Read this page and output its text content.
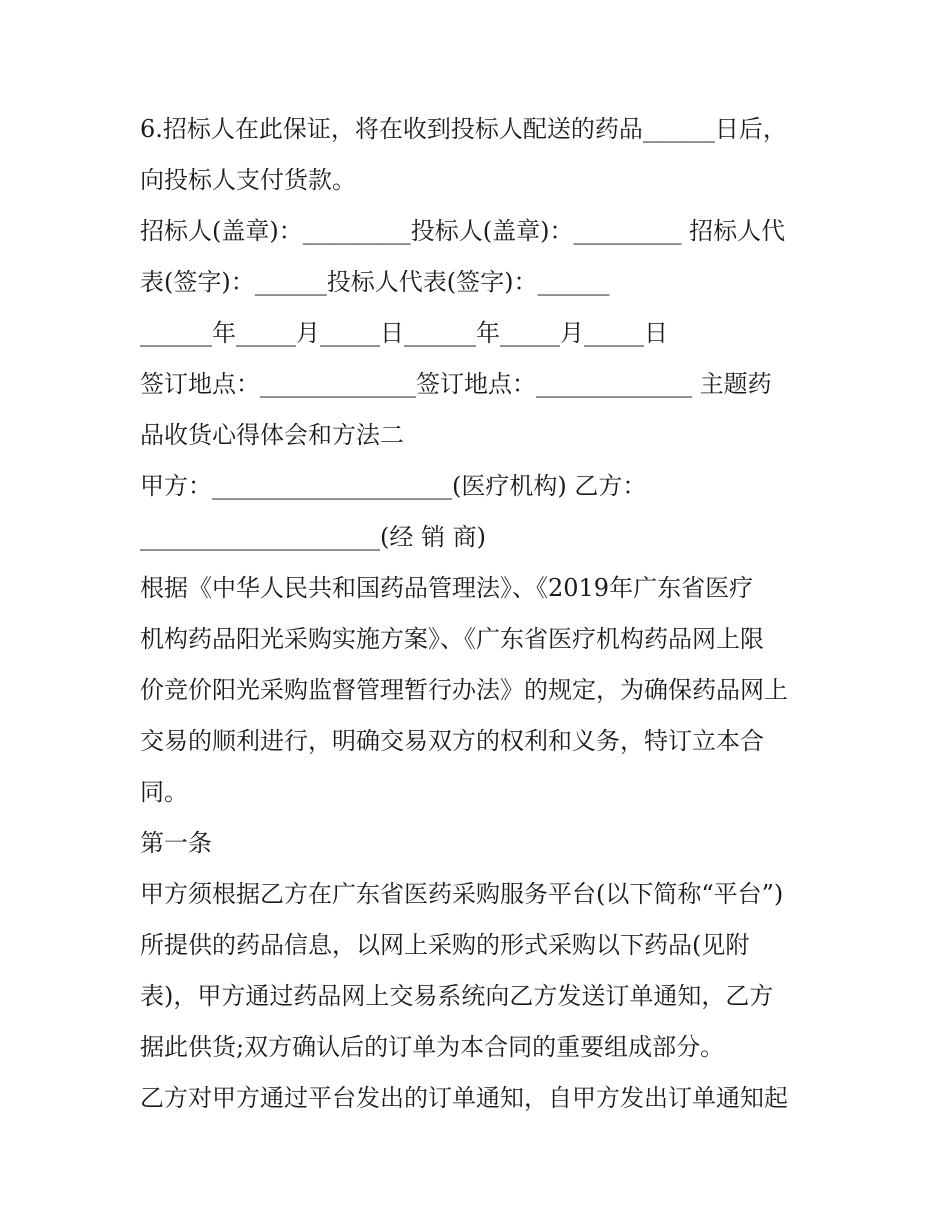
6.招标人在此保证，将在收到投标人配送的药品______日后，
向投标人支付货款。
招标人(盖章)：_________投标人(盖章)：_________ 招标人代
表(签字)：______投标人代表(签字)：______
______年_____月_____日______年_____月_____日
签订地点：_____________签订地点：_____________ 主题药
品收货心得体会和方法二
甲方：____________________(医疗机构) 乙方：
____________________(经 销 商)
根据《中华人民共和国药品管理法》、《2019年广东省医疗
机构药品阳光采购实施方案》、《广东省医疗机构药品网上限
价竞价阳光采购监督管理暂行办法》的规定，为确保药品网上
交易的顺利进行，明确交易双方的权利和义务，特订立本合
同。
第一条
甲方须根据乙方在广东省医药采购服务平台(以下简称“平台”)
所提供的药品信息，以网上采购的形式采购以下药品(见附
表)，甲方通过药品网上交易系统向乙方发送订单通知，乙方
据此供货;双方确认后的订单为本合同的重要组成部分。
乙方对甲方通过平台发出的订单通知，自甲方发出订单通知起
